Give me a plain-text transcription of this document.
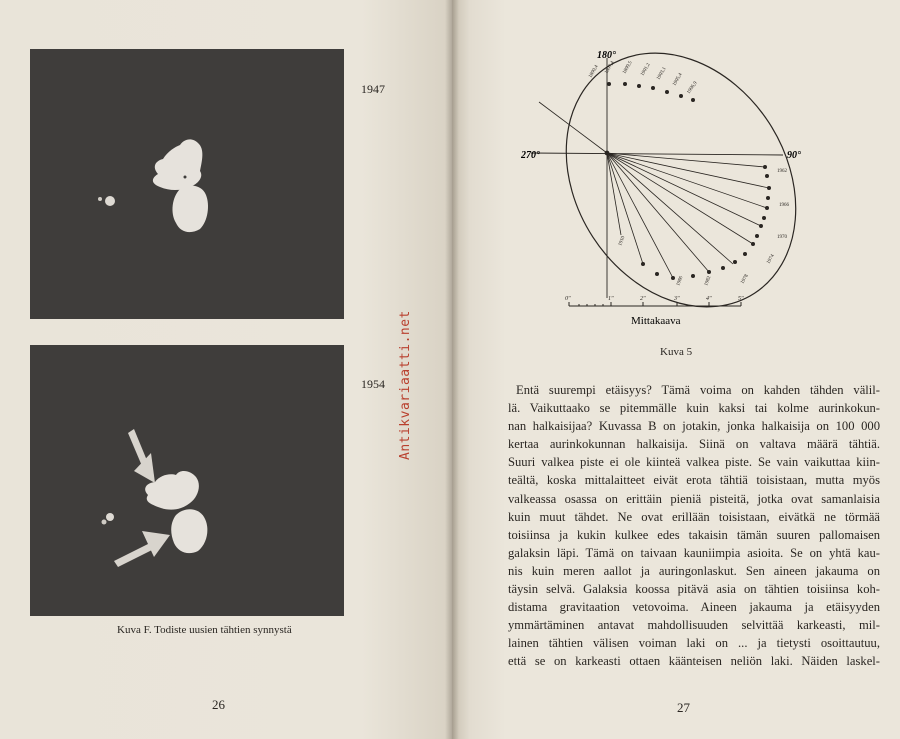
1947
1954
Kuva F. Todiste uusien tähtien synnystä
26
Antikvariaatti.net
180°
270°	90°
1890,4 1897,4 1899,5 1901,2 1903,1 1905,4
1906,9
1962
1966
1970
1974
1978
1982
1986
1910
0"	1"	2"	3"	4"	5"
Mittakaava
Kuva 5
Entä suurempi etäisyys? Tämä voima on kahden tähden välil-
lä. Vaikuttaako se pitemmälle kuin kaksi tai kolme aurinkokun-
nan halkaisijaa? Kuvassa B on jotakin, jonka halkaisija on 100 000
kertaa aurinkokunnan halkaisija. Siinä on valtava määrä tähtiä.
Suuri valkea piste ei ole kiinteä valkea piste. Se vain vaikuttaa kiin-
teältä, koska mittalaitteet eivät erota tähtiä toisistaan, mutta myös
valkeassa osassa on erittäin pieniä pisteitä, jotka ovat samanlaisia
kuin muut tähdet. Ne ovat erillään toisistaan, eivätkä ne törmää
toisiinsa ja kukin kulkee edes takaisin tämän suuren pallomaisen
galaksin läpi. Tämä on taivaan kauniimpia asioita. Se on yhtä kau-
nis kuin meren aallot ja auringonlaskut. Sen aineen jakauma on
täysin selvä. Galaksia koossa pitävä asia on tähtien toisiinsa koh-
distama gravitaation vetovoima. Aineen jakauma ja etäisyyden
ymmärtäminen antavat mahdollisuuden selvittää karkeasti, mil-
lainen tähtien välisen voiman laki on ... ja tietysti osoittautuu,
että se on karkeasti ottaen käänteisen neliön laki. Näiden laskel-
27
